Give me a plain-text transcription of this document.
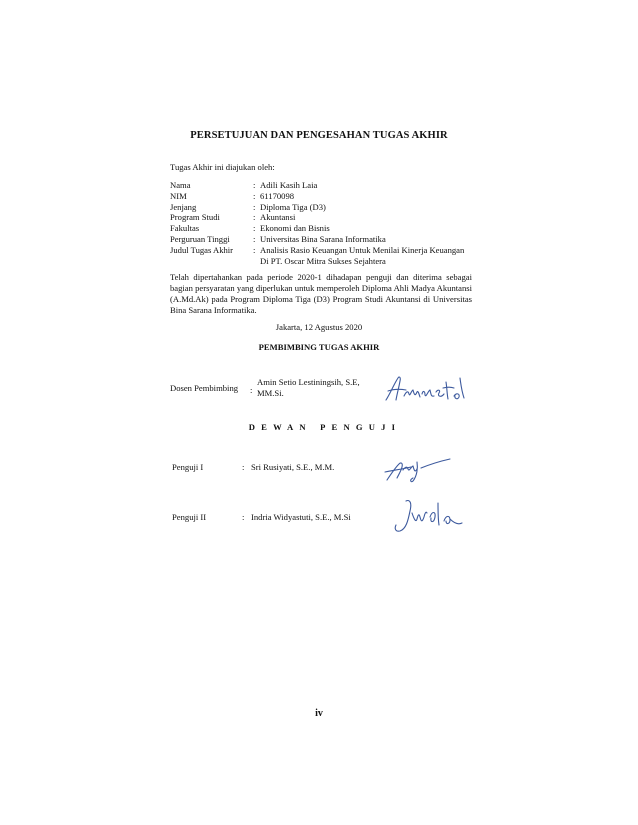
PERSETUJUAN DAN PENGESAHAN TUGAS AKHIR
Tugas Akhir ini diajukan oleh:
Nama	: Adili Kasih Laia
NIM	: 61170098
Jenjang	: Diploma Tiga (D3)
Program Studi	: Akuntansi
Fakultas	: Ekonomi dan Bisnis
Perguruan Tinggi	: Universitas Bina Sarana Informatika
Judul Tugas Akhir	: Analisis Rasio Keuangan Untuk Menilai Kinerja Keuangan Di PT. Oscar Mitra Sukses Sejahtera
Telah dipertahankan pada periode 2020-1 dihadapan penguji dan diterima sebagai bagian persyaratan yang diperlukan untuk memperoleh Diploma Ahli Madya Akuntansi (A.Md.Ak) pada Program Diploma Tiga (D3) Program Studi Akuntansi di Universitas Bina Sarana Informatika.
Jakarta, 12 Agustus 2020
PEMBIMBING TUGAS AKHIR
Dosen Pembimbing :
Amin Setio Lestiningsih, S.E, MM.Si.
DEWAN PENGUJI
Penguji I	: Sri Rusiyati, S.E., M.M.
Penguji II	: Indria Widyastuti, S.E., M.Si
iv
